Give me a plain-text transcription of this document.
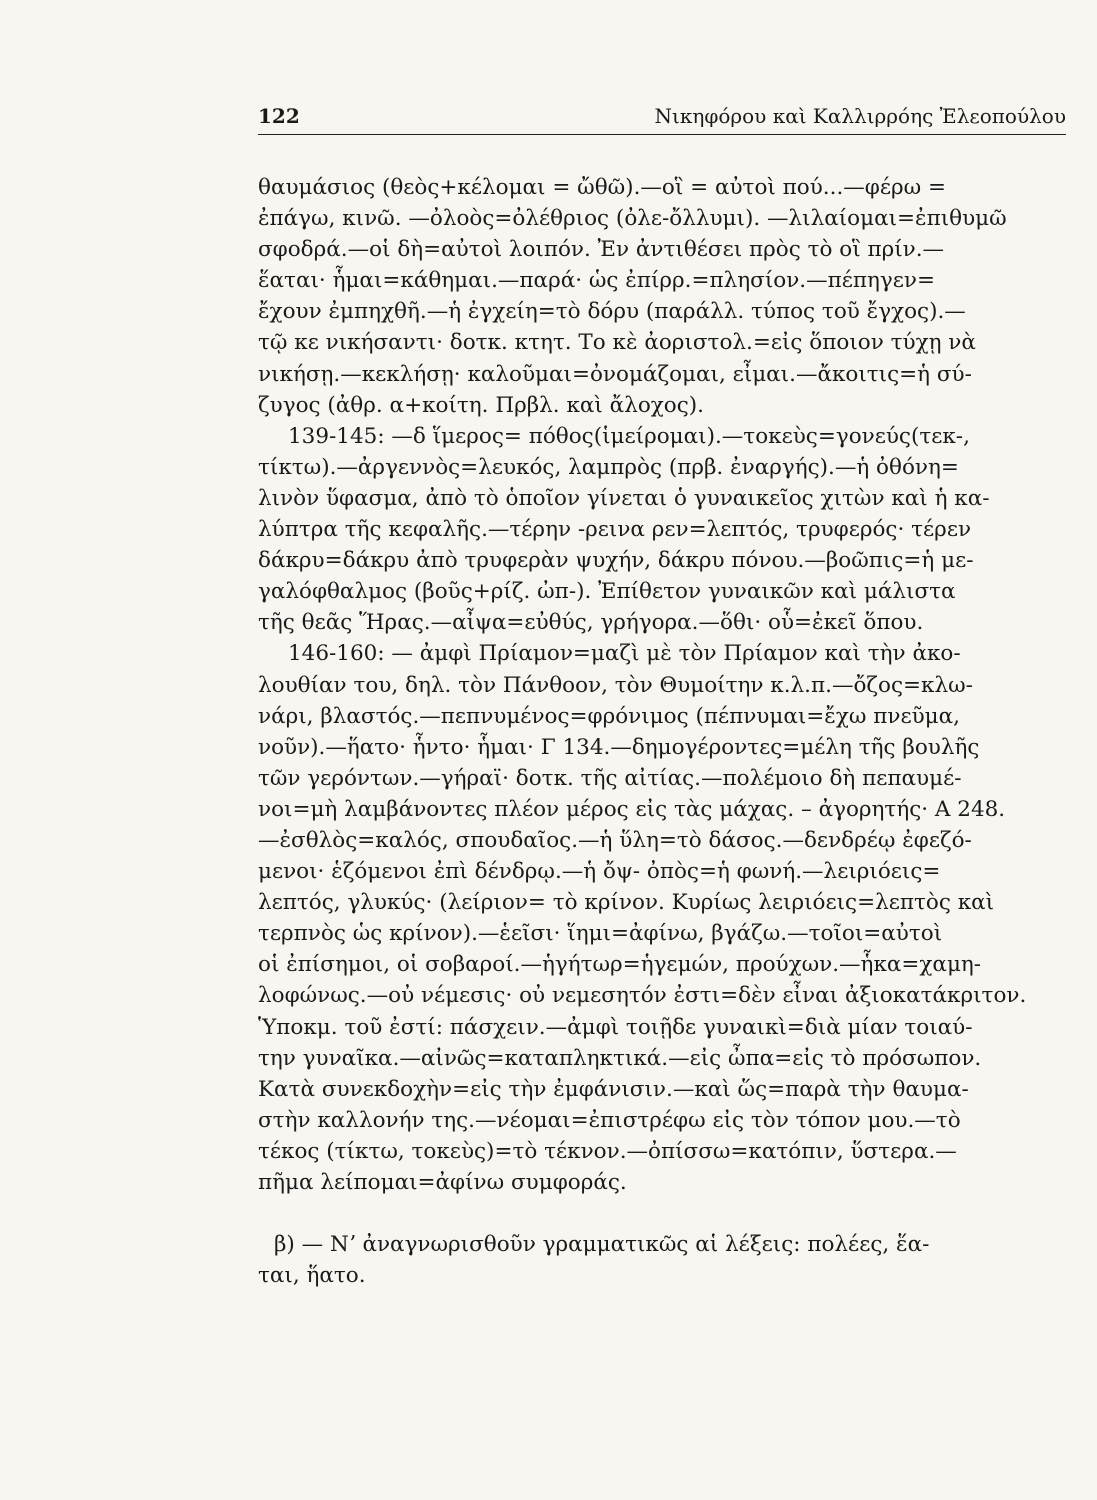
122	Νικηφόρου καὶ Καλλιρρόης Ἐλεοπούλου
θαυμάσιος (θεὸς+κέλομαι = ὤθῶ).—οἳ = αὐτοὶ πού...—φέρω =
ἐπάγω, κινῶ. —ὀλοὸς=ὀλέθριος (ὀλε-ὄλλυμι). —λιλαίομαι=ἐπιθυμῶ
σφοδρά.—οἱ δὴ=αὐτοὶ λοιπόν. Ἐν ἀντιθέσει πρὸς τὸ οἳ πρίν.—
ἕαται· ἧμαι=κάθημαι.—παρά· ὡς ἐπίρρ.=πλησίον.—πέπηγεν=
ἔχουν ἐμπηχθῆ.—ἡ ἐγχείη=τὸ δόρυ (παράλλ. τύπος τοῦ ἔγχος).—
τῷ κε νικήσαντι· δοτκ. κτητ. Το κὲ ἀοριστολ.=εἰς ὅποιον τύχῃ νὰ
νικήσῃ.—κεκλήσῃ· καλοῦμαι=ὀνομάζομαι, εἶμαι.—ἄκοιτις=ἡ σύ-
ζυγος (ἀθρ. α+κοίτη. Πρβλ. καὶ ἄλοχος).
139-145: —δ ἵμερος= πόθος(ἱμείρομαι).—τοκεὺς=γονεύς(τεκ-,
τίκτω).—ἀργεννὸς=λευκός, λαμπρὸς (πρβ. ἐναργής).—ἡ ὀθόνη=
λινὸν ὕφασμα, ἀπὸ τὸ ὁποῖον γίνεται ὁ γυναικεῖος χιτὼν καὶ ἡ κα-
λύπτρα τῆς κεφαλῆς.—τέρην -ρεινα ρεν=λεπτός, τρυφερός· τέρεν
δάκρυ=δάκρυ ἀπὸ τρυφερὰν ψυχήν, δάκρυ πόνου.—βοῶπις=ἡ με-
γαλόφθαλμος (βοῦς+ρίζ. ὠπ-). Ἐπίθετον γυναικῶν καὶ μάλιστα
τῆς θεᾶς Ἥρας.—αἶψα=εὐθύς, γρήγορα.—ὅθι· οὗ=ἐκεῖ ὅπου.
146-160: — ἀμφὶ Πρίαμον=μαζὶ μὲ τὸν Πρίαμον καὶ τὴν ἀκο-
λουθίαν του, δηλ. τὸν Πάνθοον, τὸν Θυμοίτην κ.λ.π.—ὄζος=κλω-
νάρι, βλαστός.—πεπνυμένος=φρόνιμος (πέπνυμαι=ἔχω πνεῦμα,
νοῦν).—ἥατο· ἧντο· ἧμαι· Γ 134.—δημογέροντες=μέλη τῆς βουλῆς
τῶν γερόντων.—γήραϊ· δοτκ. τῆς αἰτίας.—πολέμοιο δὴ πεπαυμέ-
νοι=μὴ λαμβάνοντες πλέον μέρος εἰς τὰς μάχας. – ἀγορητής· Α 248.
—ἐσθλὸς=καλός, σπουδαῖος.—ἡ ὕλη=τὸ δάσος.—δενδρέῳ ἐφεζό-
μενοι· ἑζόμενοι ἐπὶ δένδρῳ.—ἡ ὄψ- ὀπὸς=ἡ φωνή.—λειριόεις=
λεπτός, γλυκύς· (λείριον= τὸ κρίνον. Κυρίως λειριόεις=λεπτὸς καὶ
τερπνὸς ὡς κρίνον).—ἑεῖσι· ἵημι=ἀφίνω, βγάζω.—τοῖοι=αὐτοὶ
οἱ ἐπίσημοι, οἱ σοβαροί.—ἡγήτωρ=ἡγεμών, προύχων.—ἧκα=χαμη-
λοφώνως.—οὐ νέμεσις· οὐ νεμεσητόν ἐστι=δὲν εἶναι ἀξιοκατάκριτον.
Ὑποκμ. τοῦ ἐστί: πάσχειν.—ἀμφὶ τοιῇδε γυναικὶ=διὰ μίαν τοιαύ-
την γυναῖκα.—αἰνῶς=καταπληκτικά.—εἰς ὦπα=εἰς τὸ πρόσωπον.
Κατὰ συνεκδοχὴν=εἰς τὴν ἐμφάνισιν.—καὶ ὥς=παρὰ τὴν θαυμα-
στὴν καλλονήν της.—νέομαι=ἐπιστρέφω εἰς τὸν τόπον μου.—τὸ
τέκος (τίκτω, τοκεὺς)=τὸ τέκνον.—ὀπίσσω=κατόπιν, ὕστερα.—
πῆμα λείπομαι=ἀφίνω συμφοράς.
β) — Νʼ ἀναγνωρισθοῦν γραμματικῶς αἱ λέξεις: πολέες, ἕα-
ται, ἥατο.
